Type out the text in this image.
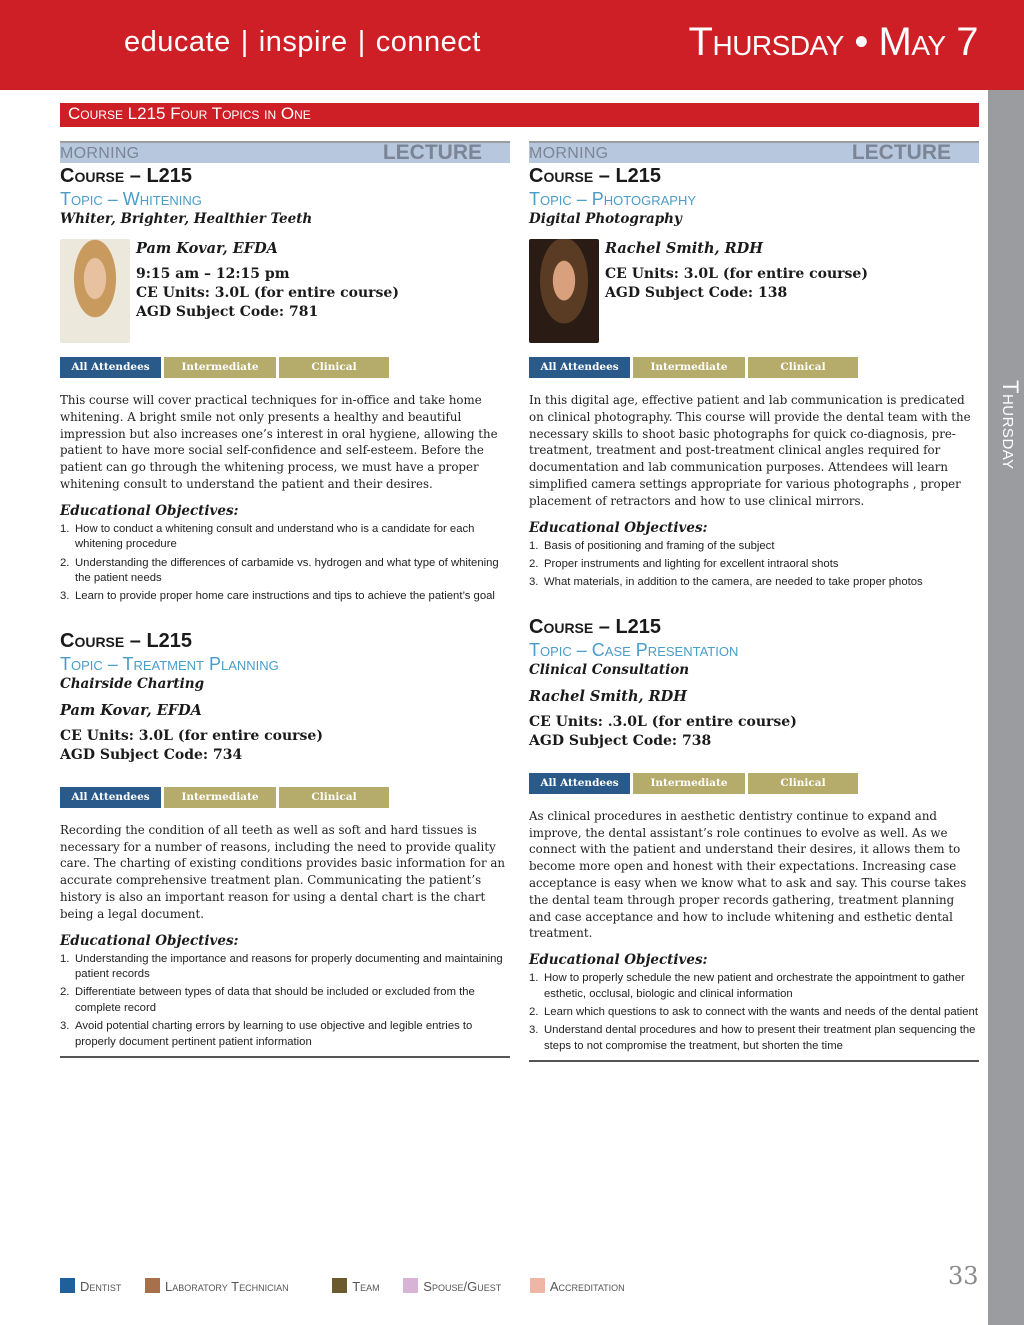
educate | inspire | connect	Thursday • May 7
Thursday
Course L215 Four Topics in One
MORNING	LECTURE
Course – L215
Topic – Whitening
Whiter, Brighter, Healthier Teeth
Pam Kovar, EFDA
9:15 am – 12:15 pm
CE Units: 3.0L (for entire course)
AGD Subject Code: 781
All Attendees	Intermediate	Clinical
This course will cover practical techniques for in-office and take home whitening. A bright smile not only presents a healthy and beautiful impression but also increases one’s interest in oral hygiene, allowing the patient to have more social self-confidence and self-esteem. Before the patient can go through the whitening process, we must have a proper whitening consult to understand the patient and their desires.
Educational Objectives:
1. How to conduct a whitening consult and understand who is a candidate for each whitening procedure
2. Understanding the differences of carbamide vs. hydrogen and what type of whitening the patient needs
3. Learn to provide proper home care instructions and tips to achieve the patient’s goal
Course – L215
Topic – Treatment Planning
Chairside Charting
Pam Kovar, EFDA
CE Units: 3.0L (for entire course)
AGD Subject Code: 734
All Attendees	Intermediate	Clinical
Recording the condition of all teeth as well as soft and hard tissues is necessary for a number of reasons, including the need to provide quality care. The charting of existing conditions provides basic information for an accurate comprehensive treatment plan. Communicating the patient’s history is also an important reason for using a dental chart is the chart being a legal document.
Educational Objectives:
1. Understanding the importance and reasons for properly documenting and maintaining patient records
2. Differentiate between types of data that should be included or excluded from the complete record
3. Avoid potential charting errors by learning to use objective and legible entries to properly document pertinent patient information
MORNING	LECTURE
Course – L215
Topic – Photography
Digital Photography
Rachel Smith, RDH
CE Units: 3.0L (for entire course)
AGD Subject Code: 138
All Attendees	Intermediate	Clinical
In this digital age, effective patient and lab communication is predicated on clinical photography. This course will provide the dental team with the necessary skills to shoot basic photographs for quick co-diagnosis, pre-treatment, treatment and post-treatment clinical angles required for documentation and lab communication purposes. Attendees will learn simplified camera settings appropriate for various photographs , proper placement of retractors and how to use clinical mirrors.
Educational Objectives:
1. Basis of positioning and framing of the subject
2. Proper instruments and lighting for excellent intraoral shots
3. What materials, in addition to the camera, are needed to take proper photos
Course – L215
Topic – Case Presentation
Clinical Consultation
Rachel Smith, RDH
CE Units: .3.0L (for entire course)
AGD Subject Code: 738
All Attendees	Intermediate	Clinical
As clinical procedures in aesthetic dentistry continue to expand and improve, the dental assistant’s role continues to evolve as well. As we connect with the patient and understand their desires, it allows them to become more open and honest with their expectations. Increasing case acceptance is easy when we know what to ask and say. This course takes the dental team through proper records gathering, treatment planning and case acceptance and how to include whitening and esthetic dental treatment.
Educational Objectives:
1. How to properly schedule the new patient and orchestrate the appointment to gather esthetic, occlusal, biologic and clinical information
2. Learn which questions to ask to connect with the wants and needs of the dental patient
3. Understand dental procedures and how to present their treatment plan sequencing the steps to not compromise the treatment, but shorten the time
Dentist	Laboratory Technician	Team	Spouse/Guest	Accreditation	33
